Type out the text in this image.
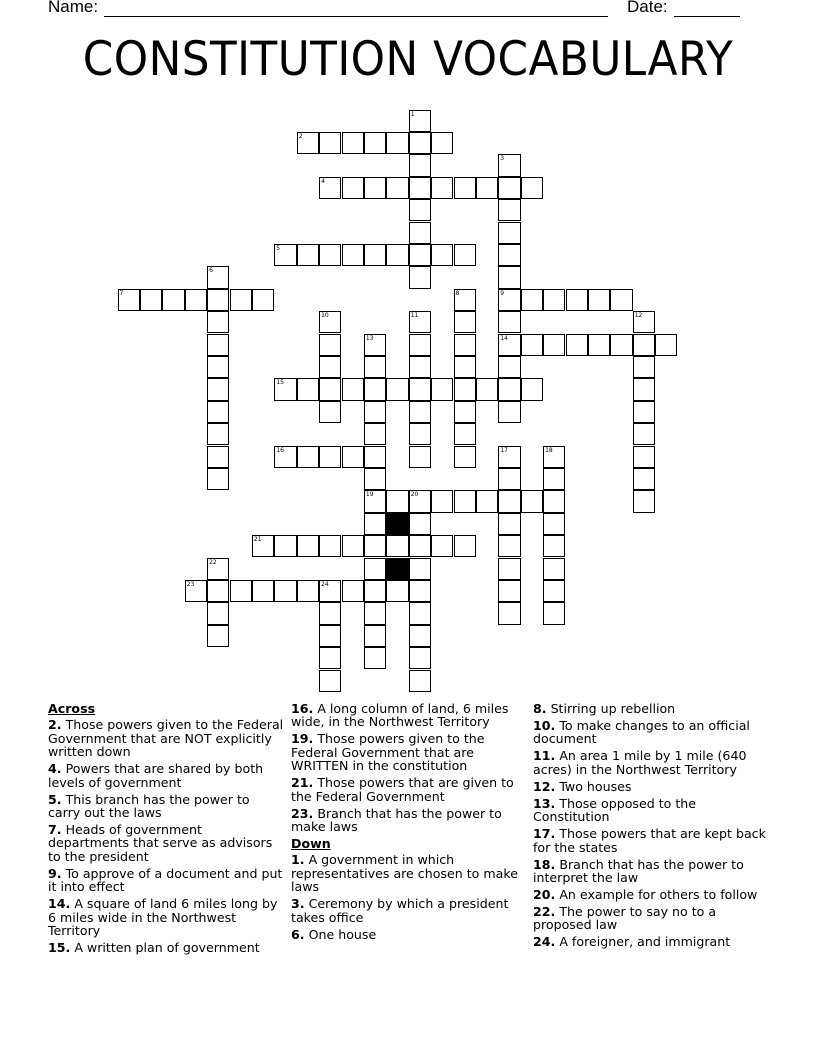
Name:	Date:
CONSTITUTION VOCABULARY
1
2
3
9
14
4
5
6
7	8
10	11	12
13
19
15
16	17	18
20
21
22
23	24
Across
2. Those powers given to the Federal Government that are NOT explicitly written down
4. Powers that are shared by both levels of government
5. This branch has the power to carry out the laws
7. Heads of government departments that serve as advisors to the president
9. To approve of a document and put it into effect
14. A square of land 6 miles long by 6 miles wide in the Northwest Territory
15. A written plan of government
16. A long column of land, 6 miles wide, in the Northwest Territory
19. Those powers given to the Federal Government that are WRITTEN in the constitution
21. Those powers that are given to the Federal Government
23. Branch that has the power to make laws
Down
1. A government in which representatives are chosen to make laws
3. Ceremony by which a president takes office
6. One house
8. Stirring up rebellion
10. To make changes to an official document
11. An area 1 mile by 1 mile (640 acres) in the Northwest Territory
12. Two houses
13. Those opposed to the Constitution
17. Those powers that are kept back for the states
18. Branch that has the power to interpret the law
20. An example for others to follow
22. The power to say no to a proposed law
24. A foreigner, and immigrant
